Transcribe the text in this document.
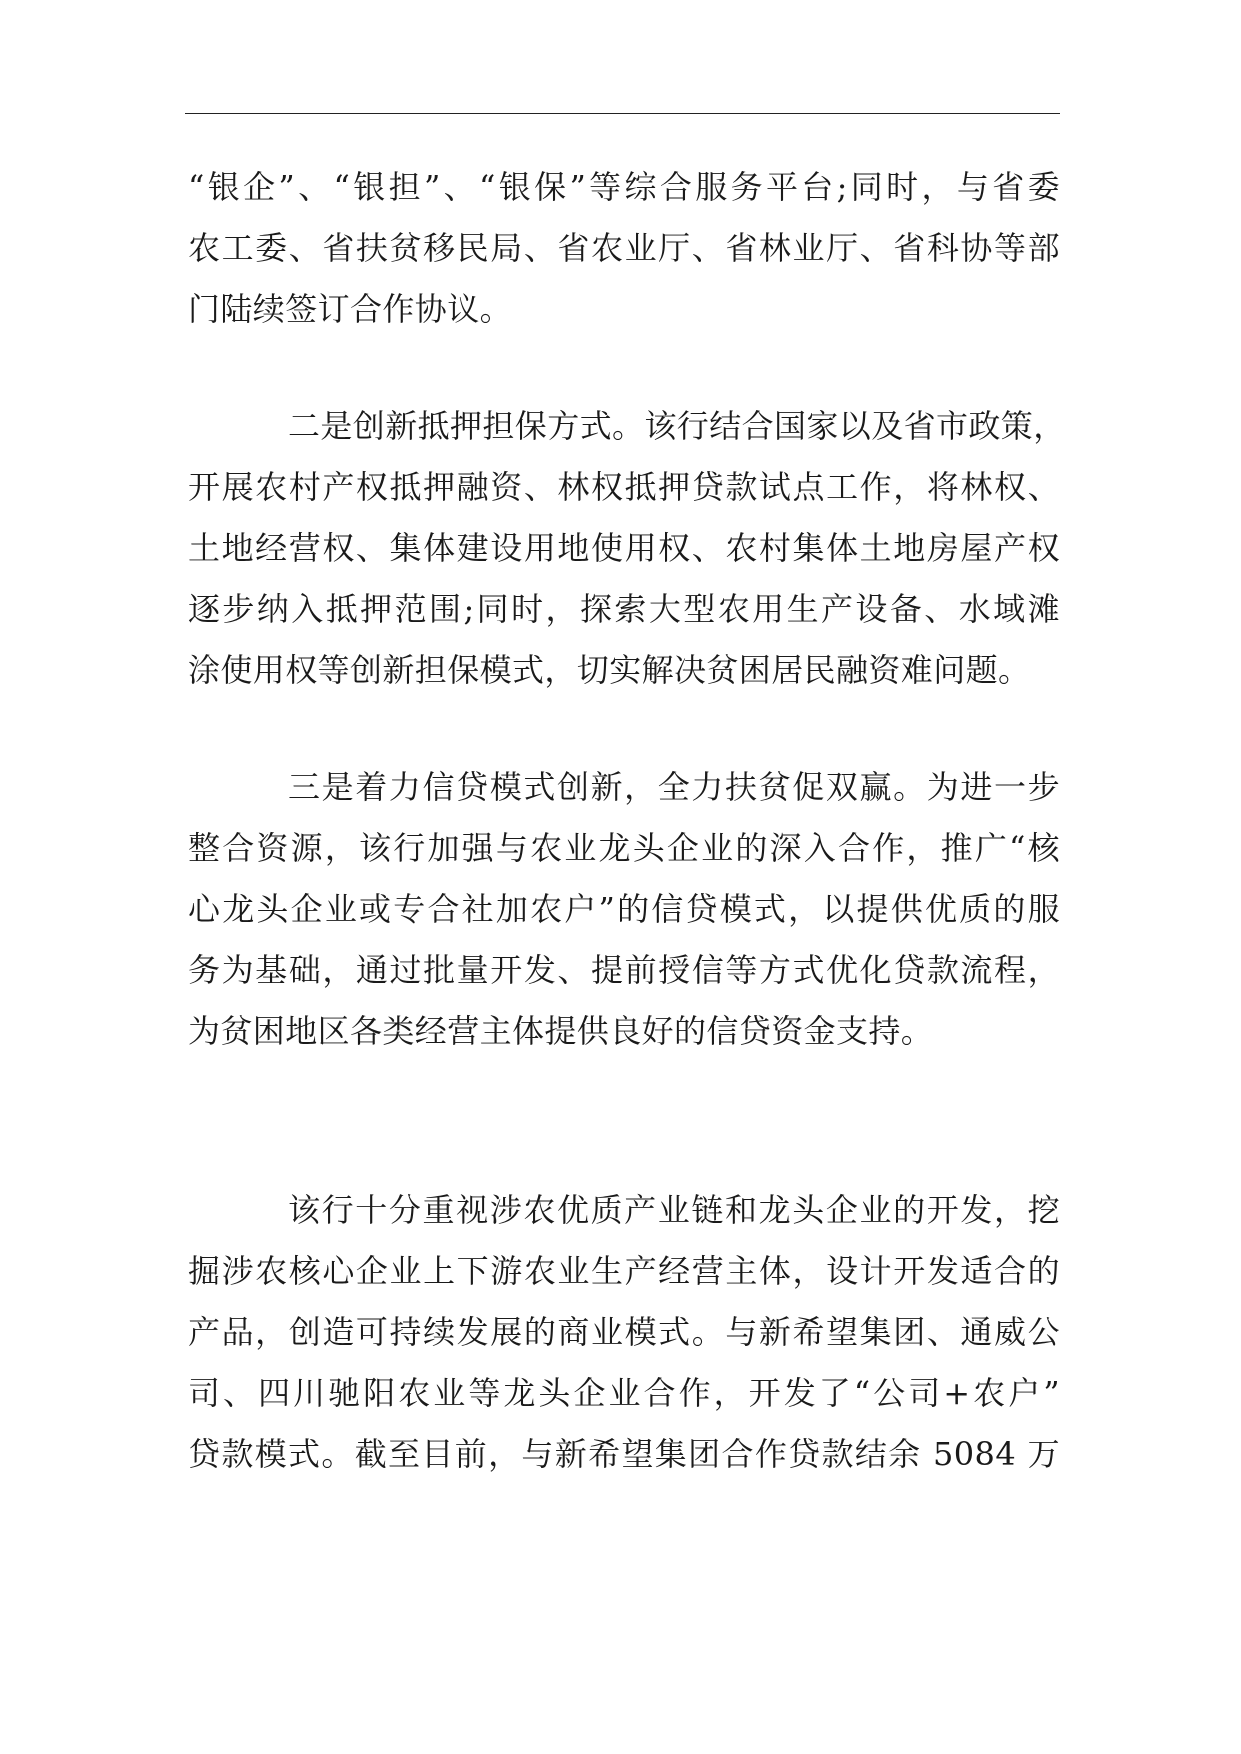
“银企”、“银担”、“银保”等综合服务平台;同时，与省委
农工委、省扶贫移民局、省农业厅、省林业厅、省科协等部
门陆续签订合作协议。
二是创新抵押担保方式。该行结合国家以及省市政策，
开展农村产权抵押融资、林权抵押贷款试点工作，将林权、
土地经营权、集体建设用地使用权、农村集体土地房屋产权
逐步纳入抵押范围;同时，探索大型农用生产设备、水域滩
涂使用权等创新担保模式，切实解决贫困居民融资难问题。
三是着力信贷模式创新，全力扶贫促双赢。为进一步
整合资源，该行加强与农业龙头企业的深入合作，推广“核
心龙头企业或专合社加农户”的信贷模式，以提供优质的服
务为基础，通过批量开发、提前授信等方式优化贷款流程，
为贫困地区各类经营主体提供良好的信贷资金支持。
该行十分重视涉农优质产业链和龙头企业的开发，挖
掘涉农核心企业上下游农业生产经营主体，设计开发适合的
产品，创造可持续发展的商业模式。与新希望集团、通威公
司、四川驰阳农业等龙头企业合作，开发了“公司+农户”
贷款模式。截至目前，与新希望集团合作贷款结余 5084 万
